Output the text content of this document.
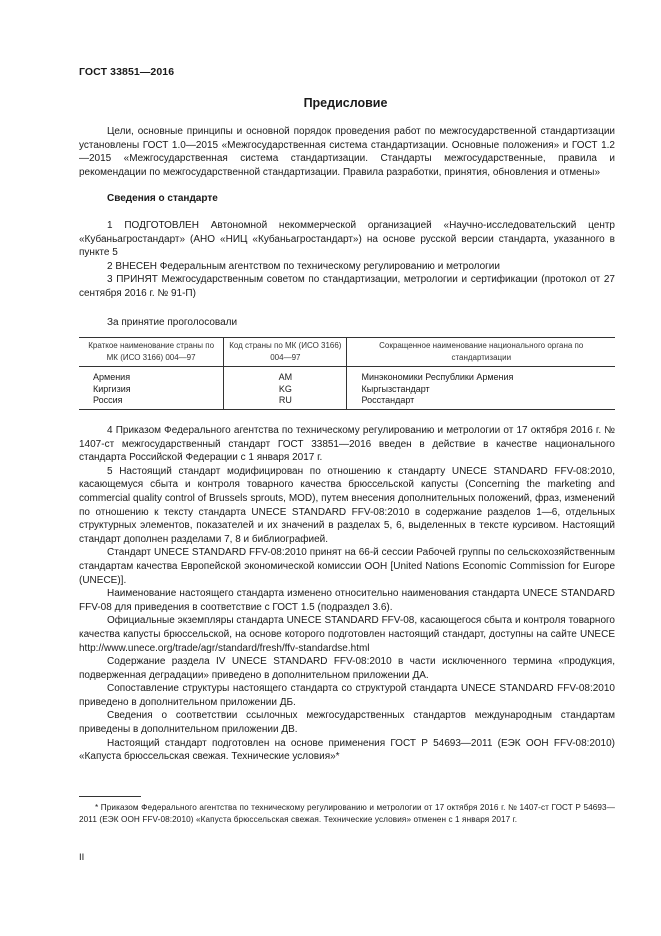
ГОСТ 33851—2016
Предисловие

Цели, основные принципы и основной порядок проведения работ по межгосударственной стандартизации установлены ГОСТ 1.0—2015 «Межгосударственная система стандартизации. Основные положения» и ГОСТ 1.2—2015 «Межгосударственная система стандартизации. Стандарты межгосударственные, правила и рекомендации по межгосударственной стандартизации. Правила разработки, принятия, обновления и отмены»

Сведения о стандарте

1 ПОДГОТОВЛЕН Автономной некоммерческой организацией «Научно-исследовательский центр «Кубаньагростандарт» (АНО «НИЦ «Кубаньагростандарт») на основе русской версии стандарта, указанного в пункте 5

2 ВНЕСЕН Федеральным агентством по техническому регулированию и метрологии

3 ПРИНЯТ Межгосударственным советом по стандартизации, метрологии и сертификации (протокол от 27 сентября 2016 г. № 91-П)

За принятие проголосовали

Краткое наименование страны по МК (ИСО 3166) 004—97	Код страны по МК (ИСО 3166) 004—97	Сокращенное наименование национального органа по стандартизации
Армения	AM	Минэкономики Республики Армения
Киргизия	KG	Кыргызстандарт
Россия	RU	Росстандарт

4 Приказом Федерального агентства по техническому регулированию и метрологии от 17 октября 2016 г. № 1407-ст межгосударственный стандарт ГОСТ 33851—2016 введен в действие в качестве национального стандарта Российской Федерации с 1 января 2017 г.

5 Настоящий стандарт модифицирован по отношению к стандарту UNECE STANDARD FFV-08:2010, касающемуся сбыта и контроля товарного качества брюссельской капусты (Concerning the marketing and commercial quality control of Brussels sprouts, MOD), путем внесения дополнительных положений, фраз, изменений по отношению к тексту стандарта UNECE STANDARD FFV-08:2010 в содержание разделов 1—6, отдельных структурных элементов, показателей и их значений в разделах 5, 6, выделенных в тексте курсивом. Настоящий стандарт дополнен разделами 7, 8 и библиографией.

Стандарт UNECE STANDARD FFV-08:2010 принят на 66-й сессии Рабочей группы по сельскохозяйственным стандартам качества Европейской экономической комиссии ООН [United Nations Economic Commission for Europe (UNECE)].

Наименование настоящего стандарта изменено относительно наименования стандарта UNECE STANDARD FFV-08 для приведения в соответствие с ГОСТ 1.5 (подраздел 3.6).

Официальные экземпляры стандарта UNECE STANDARD FFV-08, касающегося сбыта и контроля товарного качества капусты брюссельской, на основе которого подготовлен настоящий стандарт, доступны на сайте UNECE http://www.unece.org/trade/agr/standard/fresh/ffv-standardse.html

Содержание раздела IV UNECE STANDARD FFV-08:2010 в части исключенного термина «продукция, подверженная деградации» приведено в дополнительном приложении ДА.

Сопоставление структуры настоящего стандарта со структурой стандарта UNECE STANDARD FFV-08:2010 приведено в дополнительном приложении ДБ.

Сведения о соответствии ссылочных межгосударственных стандартов международным стандартам приведены в дополнительном приложении ДВ.

Настоящий стандарт подготовлен на основе применения ГОСТ Р 54693—2011 (ЕЭК ООН FFV-08:2010) «Капуста брюссельская свежая. Технические условия»*

* Приказом Федерального агентства по техническому регулированию и метрологии от 17 октября 2016 г. № 1407-ст ГОСТ Р 54693—2011 (ЕЭК ООН FFV-08:2010) «Капуста брюссельская свежая. Технические условия» отменен с 1 января 2017 г.
II
